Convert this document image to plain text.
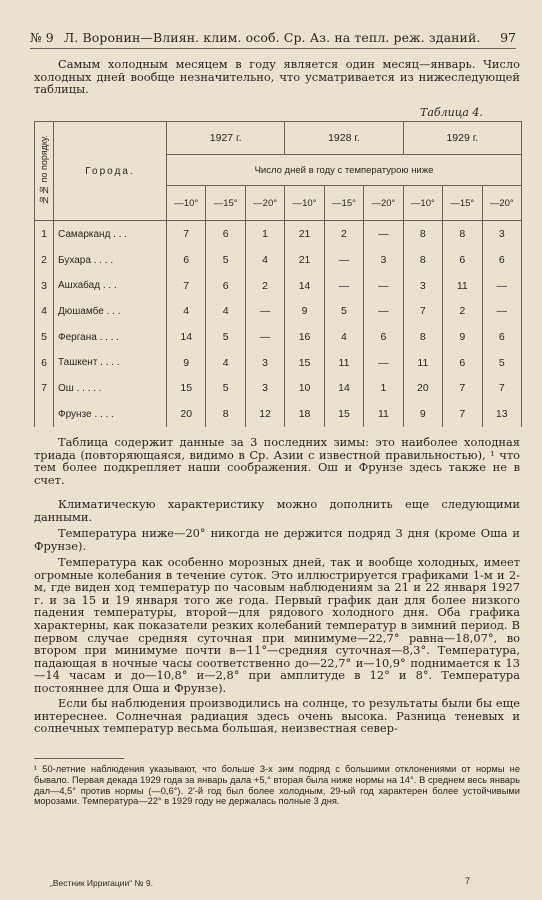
№ 9 Л. Воронин—Влиян. клим. особ. Ср. Аз. на тепл. реж. зданий.	97
Самым холодным месяцем в году является один месяц—январь. Число холодных дней вообще незначительно, что усматривается из нижеследующей таблицы.
Таблица 4.
№№ по порядку.	Города.	1927 г.			1928 г.			1929 г.		
		Число дней в году с температурою ниже								
		—10°	—15°	—20°	—10°	—15°	—20°	—10°	—15°	—20°
1	Самарканд . . .	7	6	1	21	2	—	8	8	3
2	Бухара . . . .	6	5	4	21	—	3	8	6	6
3	Ашхабад . . .	7	6	2	14	—	—	3	11	—
4	Дюшамбе . . .	4	4	—	9	5	—	7	2	—
5	Фергана . . . .	14	5	—	16	4	6	8	9	6
6	Ташкент . . . .	9	4	3	15	11	—	11	6	5
7	Ош . . . . .	15	5	3	10	14	1	20	7	7
	Фрунзе . . . .	20	8	12	18	15	11	9	7	13
Таблица содержит данные за 3 последних зимы: это наиболее холодная триада (повторяющаяся, видимо в Ср. Азии с известной правильностью), ¹ что тем более подкрепляет наши соображения. Ош и Фрунзе здесь также не в счет.
Климатическую характеристику можно дополнить еще следующими данными.
Температура ниже—20° никогда не держится подряд 3 дня (кроме Оша и Фрунзе).
Температура как особенно морозных дней, так и вообще холодных, имеет огромные колебания в течение суток. Это иллюстрируется графиками 1-м и 2-м, где виден ход температур по часовым наблюдениям за 21 и 22 января 1927 г. и за 15 и 19 января того же года. Первый график дан для более низкого падения температуры, второй—для рядового холодного дня. Оба графика характерны, как показатели резких колебаний температур в зимний период. В первом случае средняя суточная при минимуме—22,7° равна—18,07°, во втором при минимуме почти в—11°—средняя суточная—8,3°. Температура, падающая в ночные часы соответственно до—22,7° и—10,9° поднимается к 13—14 часам и до—10,8° и—2,8° при амплитуде в 12° и 8°. Температура постояннее для Оша и Фрунзе).
Если бы наблюдения производились на солнце, то результаты были бы еще интереснее. Солнечная радиация здесь очень высока. Разница теневых и солнечных температур весьма большая, неизвестная север-
¹ 50-летние наблюдения указывают, что больше 3-х зим подряд с большими отклонениями от нормы не бывало. Первая декада 1929 года за январь дала +5,° вторая была ниже нормы на 14°. В среднем весь январь дал—4,5° против нормы (—0,6°). 2'-й год был более холодным, 29-ый год характерен более устойчивыми морозами. Температура—22° в 1929 году не держалась полные 3 дня.
„Вестник Ирригации“ № 9.	7
